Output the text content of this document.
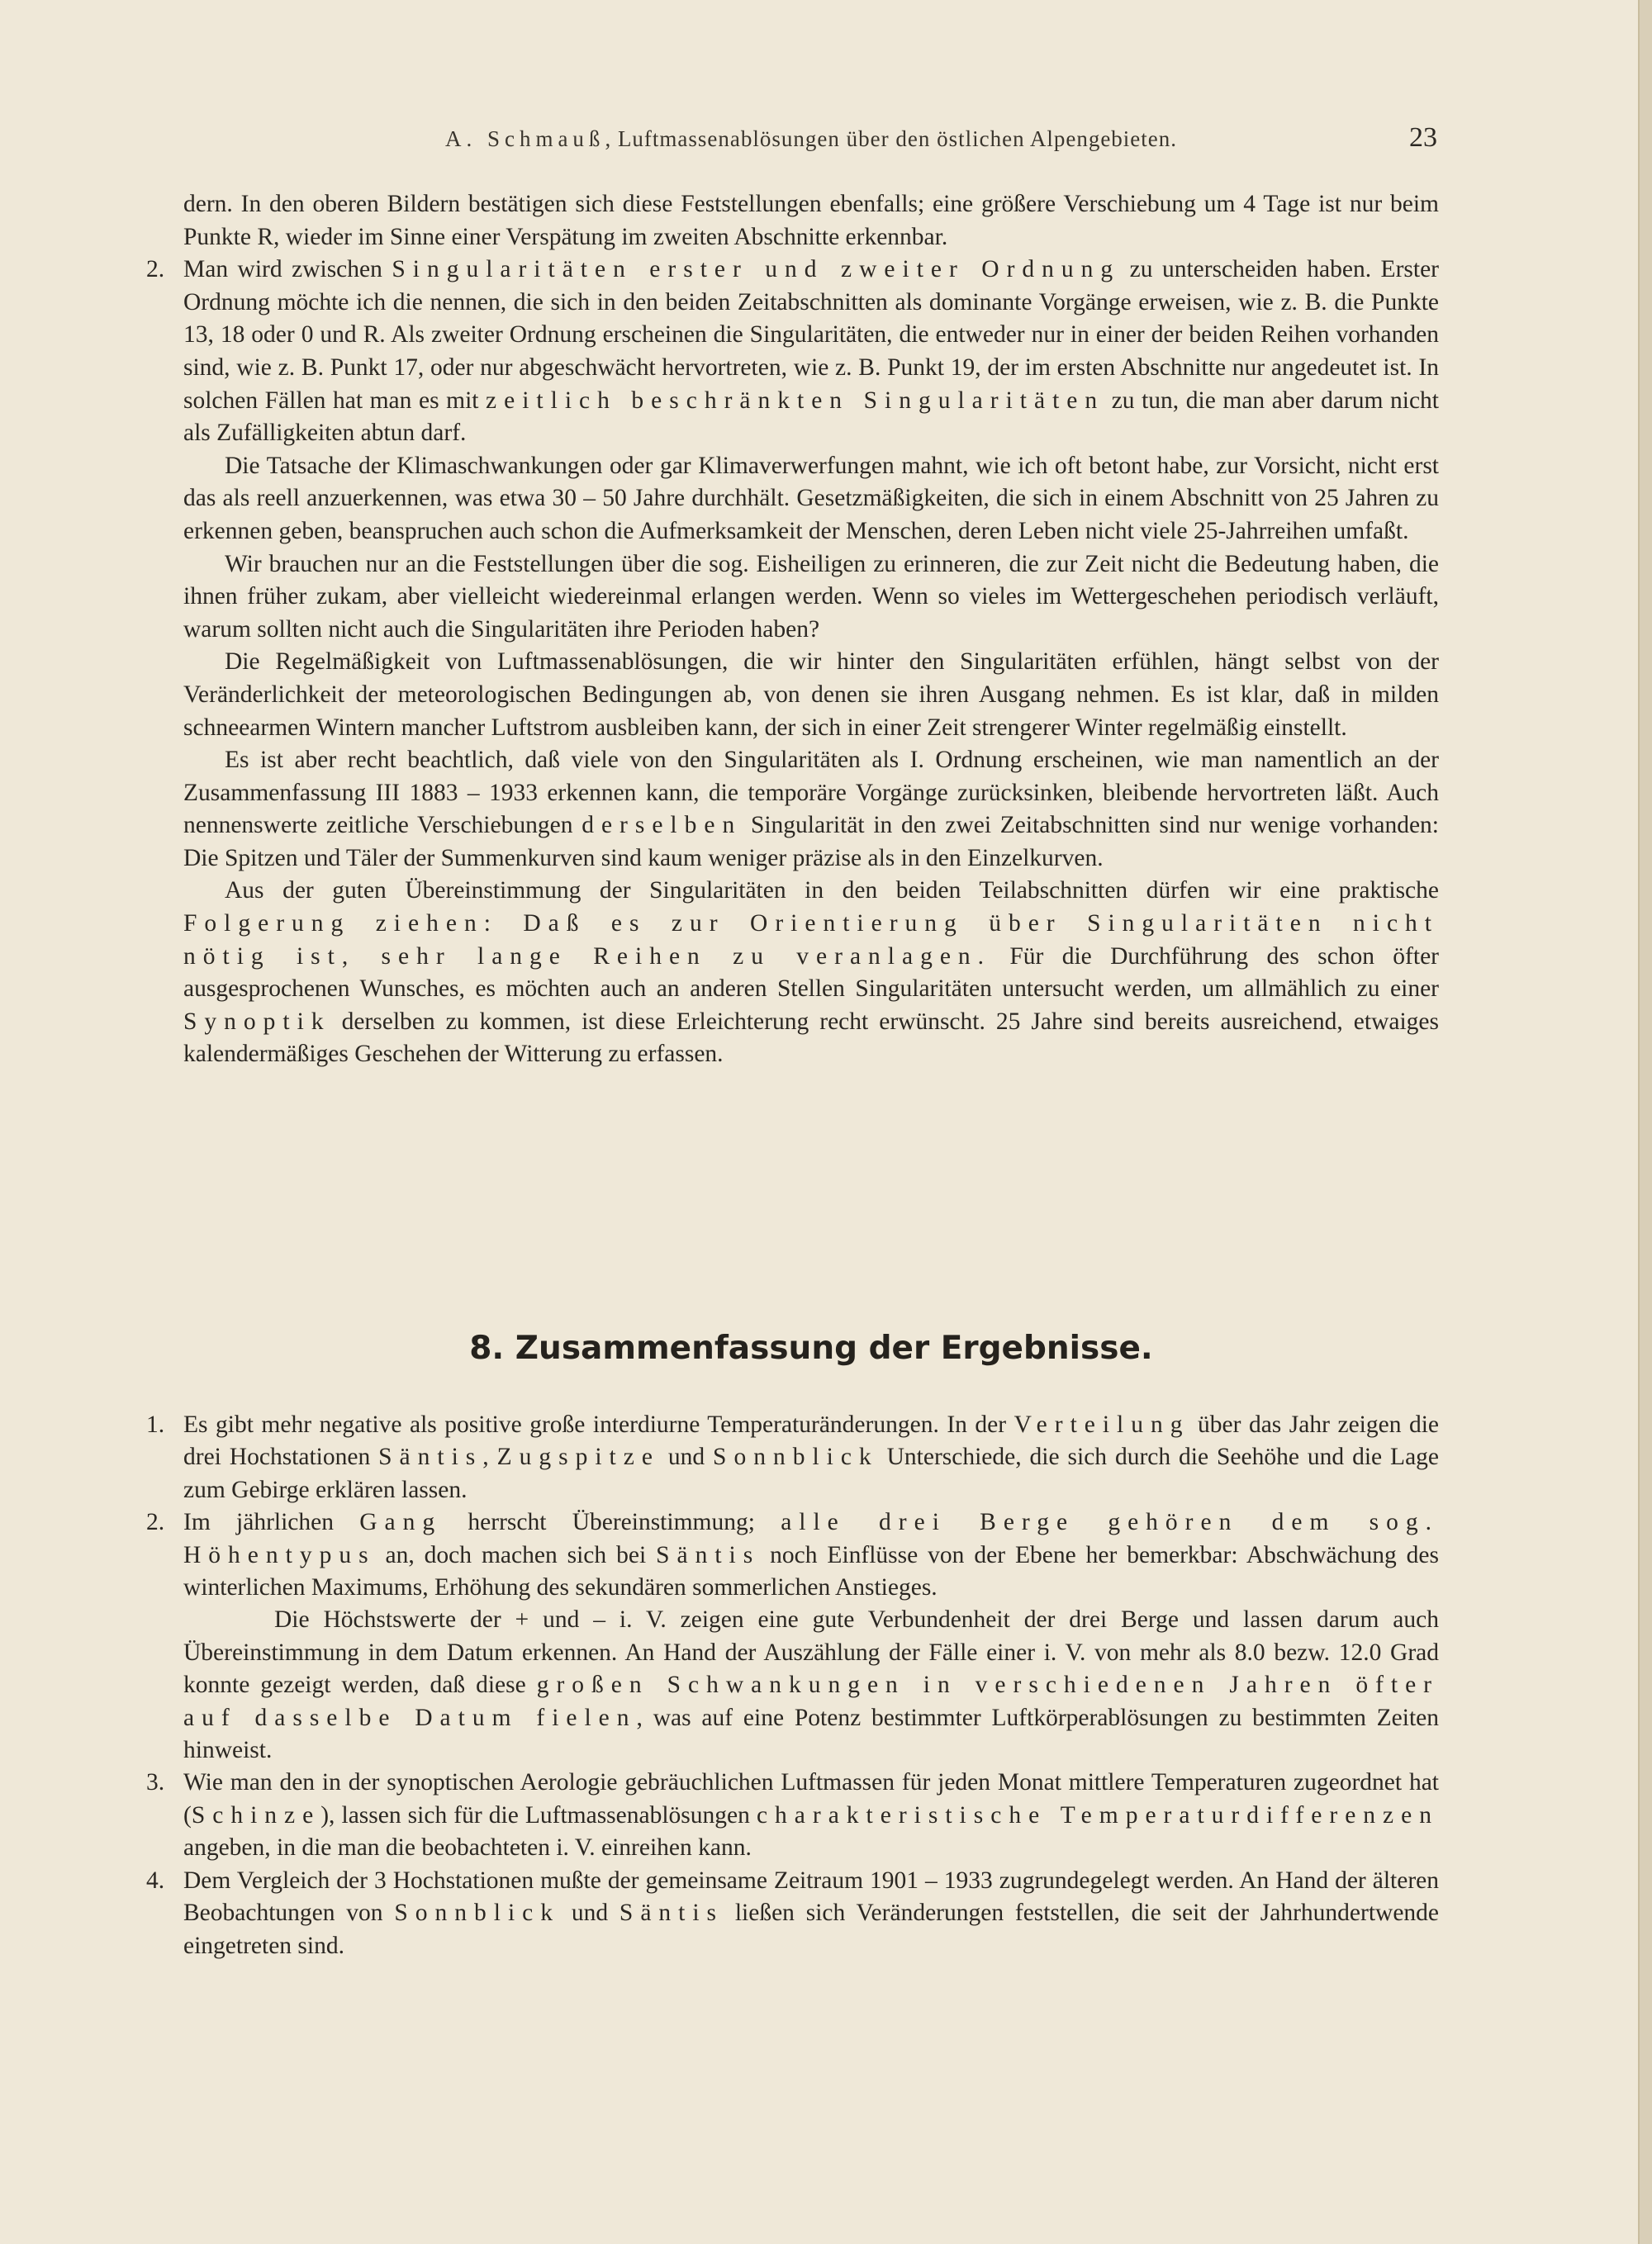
A. Schmauß, Luftmassenablösungen über den östlichen Alpengebieten.	23

dern. In den oberen Bildern bestätigen sich diese Feststellungen ebenfalls; eine größere Verschiebung um 4 Tage ist nur beim Punkte R, wieder im Sinne einer Verspätung im zweiten Abschnitte erkennbar.

2. Man wird zwischen Singularitäten erster und zweiter Ordnung zu unterscheiden haben. Erster Ordnung möchte ich die nennen, die sich in den beiden Zeitabschnitten als dominante Vorgänge erweisen, wie z. B. die Punkte 13, 18 oder 0 und R. Als zweiter Ordnung erscheinen die Singularitäten, die entweder nur in einer der beiden Reihen vorhanden sind, wie z. B. Punkt 17, oder nur abgeschwächt hervortreten, wie z. B. Punkt 19, der im ersten Abschnitte nur angedeutet ist. In solchen Fällen hat man es mit zeitlich beschränkten Singularitäten zu tun, die man aber darum nicht als Zufälligkeiten abtun darf.

Die Tatsache der Klimaschwankungen oder gar Klimaverwerfungen mahnt, wie ich oft betont habe, zur Vorsicht, nicht erst das als reell anzuerkennen, was etwa 30 – 50 Jahre durchhält. Gesetzmäßigkeiten, die sich in einem Abschnitt von 25 Jahren zu erkennen geben, beanspruchen auch schon die Aufmerksamkeit der Menschen, deren Leben nicht viele 25-Jahrreihen umfaßt.

Wir brauchen nur an die Feststellungen über die sog. Eisheiligen zu erinneren, die zur Zeit nicht die Bedeutung haben, die ihnen früher zukam, aber vielleicht wiedereinmal erlangen werden. Wenn so vieles im Wettergeschehen periodisch verläuft, warum sollten nicht auch die Singularitäten ihre Perioden haben?

Die Regelmäßigkeit von Luftmassenablösungen, die wir hinter den Singularitäten erfühlen, hängt selbst von der Veränderlichkeit der meteorologischen Bedingungen ab, von denen sie ihren Ausgang nehmen. Es ist klar, daß in milden schneearmen Wintern mancher Luftstrom ausbleiben kann, der sich in einer Zeit strengerer Winter regelmäßig einstellt.

Es ist aber recht beachtlich, daß viele von den Singularitäten als I. Ordnung erscheinen, wie man namentlich an der Zusammenfassung III 1883 – 1933 erkennen kann, die temporäre Vorgänge zurücksinken, bleibende hervortreten läßt. Auch nennenswerte zeitliche Verschiebungen derselben Singularität in den zwei Zeitabschnitten sind nur wenige vorhanden: Die Spitzen und Täler der Summenkurven sind kaum weniger präzise als in den Einzelkurven.

Aus der guten Übereinstimmung der Singularitäten in den beiden Teilabschnitten dürfen wir eine praktische Folgerung ziehen: Daß es zur Orientierung über Singularitäten nicht nötig ist, sehr lange Reihen zu veranlagen. Für die Durchführung des schon öfter ausgesprochenen Wunsches, es möchten auch an anderen Stellen Singularitäten untersucht werden, um allmählich zu einer Synoptik derselben zu kommen, ist diese Erleichterung recht erwünscht. 25 Jahre sind bereits ausreichend, etwaiges kalendermäßiges Geschehen der Witterung zu erfassen.

8. Zusammenfassung der Ergebnisse.

1. Es gibt mehr negative als positive große interdiurne Temperaturänderungen. In der Verteilung über das Jahr zeigen die drei Hochstationen Säntis, Zugspitze und Sonnblick Unterschiede, die sich durch die Seehöhe und die Lage zum Gebirge erklären lassen.

2. Im jährlichen Gang herrscht Übereinstimmung; alle drei Berge gehören dem sog. Höhentypus an, doch machen sich bei Säntis noch Einflüsse von der Ebene her bemerkbar: Abschwächung des winterlichen Maximums, Erhöhung des sekundären sommerlichen Anstieges.

Die Höchstswerte der + und – i. V. zeigen eine gute Verbundenheit der drei Berge und lassen darum auch Übereinstimmung in dem Datum erkennen. An Hand der Auszählung der Fälle einer i. V. von mehr als 8.0 bezw. 12.0 Grad konnte gezeigt werden, daß diese großen Schwankungen in verschiedenen Jahren öfter auf dasselbe Datum fielen, was auf eine Potenz bestimmter Luftkörperablösungen zu bestimmten Zeiten hinweist.

3. Wie man den in der synoptischen Aerologie gebräuchlichen Luftmassen für jeden Monat mittlere Temperaturen zugeordnet hat (Schinze), lassen sich für die Luftmassenablösungen charakteristische Temperaturdifferenzen angeben, in die man die beobachteten i. V. einreihen kann.

4. Dem Vergleich der 3 Hochstationen mußte der gemeinsame Zeitraum 1901 – 1933 zugrundegelegt werden. An Hand der älteren Beobachtungen von Sonnblick und Säntis ließen sich Veränderungen feststellen, die seit der Jahrhundertwende eingetreten sind.
